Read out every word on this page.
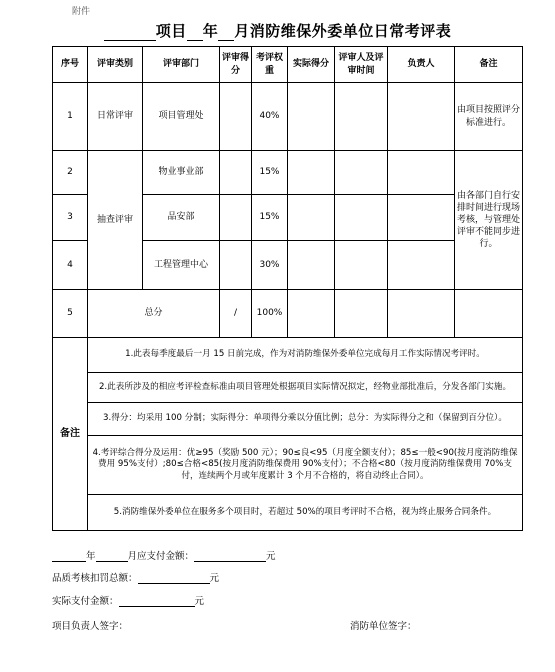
附件
项目 年 月消防维保外委单位日常考评表
序号	评审类别	评审部门	评审得分	考评权重	实际得分	评审人及评审时间	负责人	备注
1	日常评审	项目管理处		40%				由项目按照评分标准进行。
2	抽查评审	物业事业部		15%				由各部门自行安排时间进行现场考核，与管理处评审不能同步进行。
3		品安部		15%				
4		工程管理中心		30%				
5	总分		/	100%				
备注	1.此表每季度最后一月 15 日前完成，作为对消防维保外委单位完成每月工作实际情况考评时。							
	2.此表所涉及的相应考评检查标准由项目管理处根据项目实际情况拟定，经物业部批准后，分发各部门实施。							
	3.得分：均采用 100 分制；实际得分：单项得分乘以分值比例；总分：为实际得分之和（保留到百分位）。							
	4.考评综合得分及运用：优≥95（奖励 500 元）；90≤良<95（月度全额支付）；85≤一般<90(按月度消防维保费用 95%支付）;80≤合格<85(按月度消防维保费用 90%支付）；不合格<80（按月度消防维保费用 70%支付，连续两个月或年度累计 3 个月不合格的，将自动终止合同）。							
	5.消防维保外委单位在服务多个项目时，若超过 50%的项目考评时不合格，视为终止服务合同条件。							
年	月应支付金额：	元
品质考核扣罚总额：	元
实际支付金额：	元
项目负责人签字：	消防单位签字：
